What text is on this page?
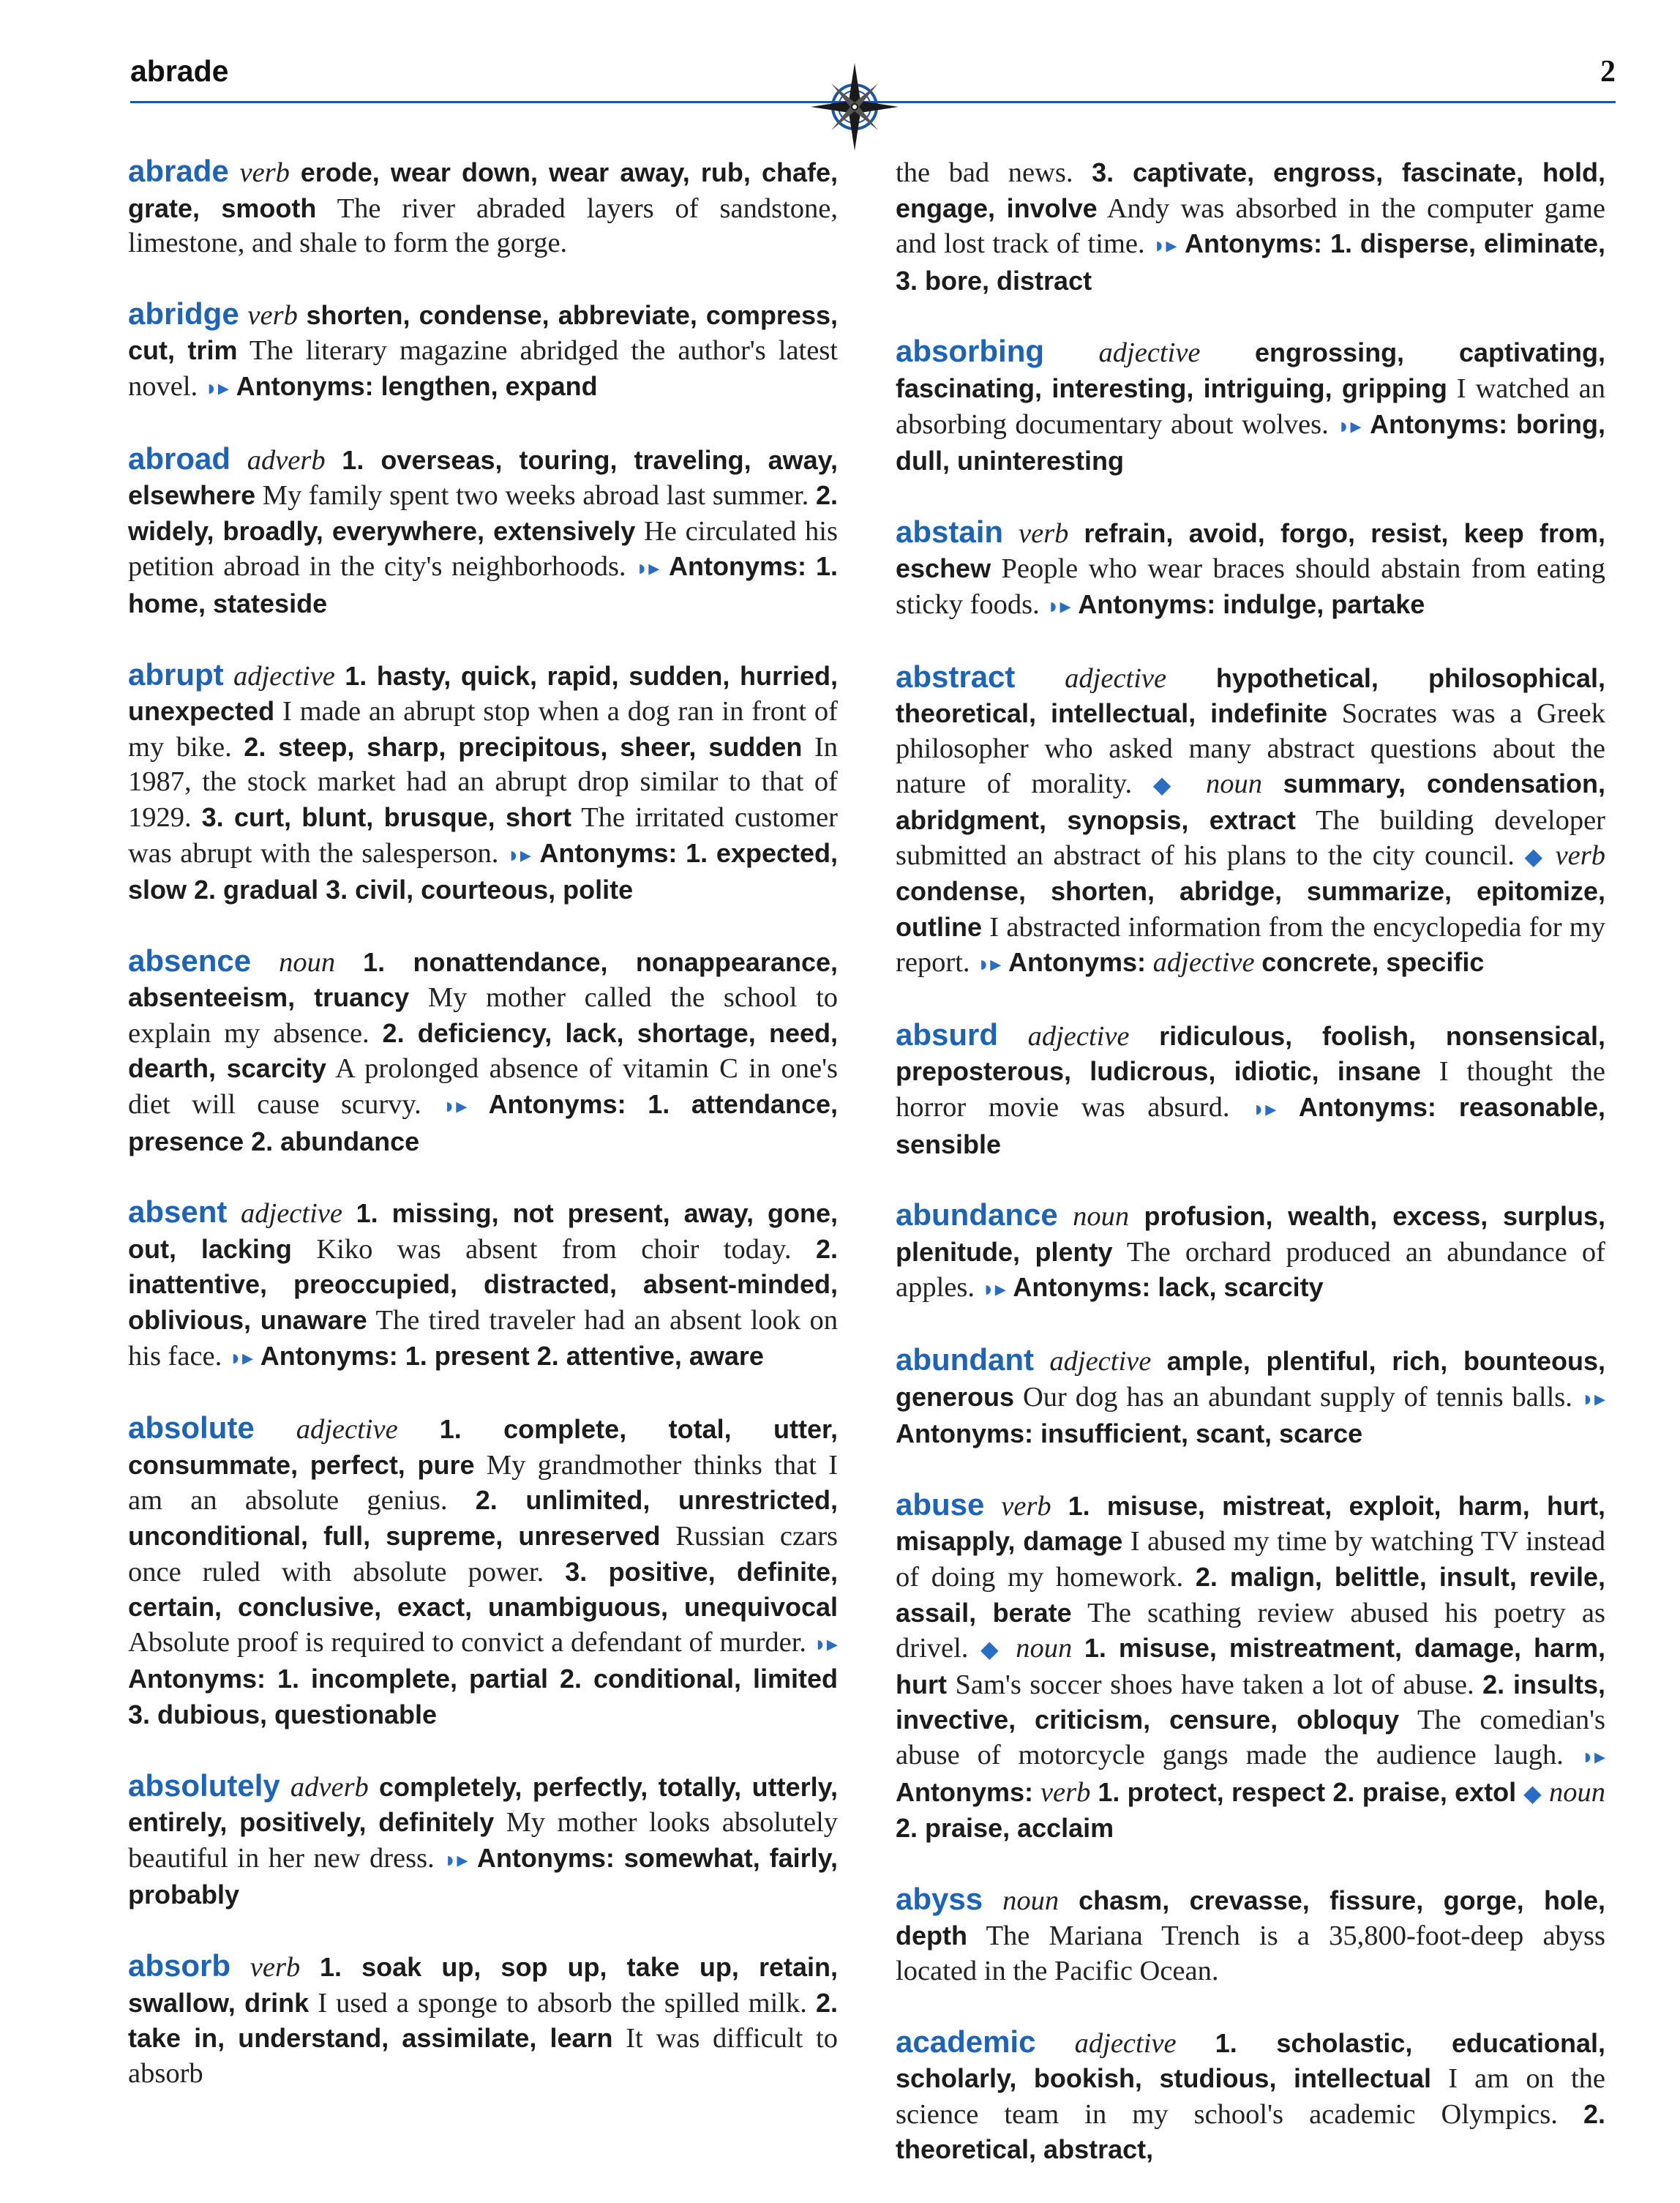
abrade	2

abrade verb erode, wear down, wear away, rub, chafe, grate, smooth The river abraded layers of sandstone, limestone, and shale to form the gorge.

abridge verb shorten, condense, abbreviate, compress, cut, trim The literary magazine abridged the author's latest novel. ◗▸ Antonyms: lengthen, expand

abroad adverb 1. overseas, touring, traveling, away, elsewhere My family spent two weeks abroad last summer. 2. widely, broadly, everywhere, extensively He circulated his petition abroad in the city's neighborhoods. ◗▸ Antonyms: 1. home, stateside

abrupt adjective 1. hasty, quick, rapid, sudden, hurried, unexpected I made an abrupt stop when a dog ran in front of my bike. 2. steep, sharp, precipitous, sheer, sudden In 1987, the stock market had an abrupt drop similar to that of 1929. 3. curt, blunt, brusque, short The irritated customer was abrupt with the salesperson. ◗▸ Antonyms: 1. expected, slow 2. gradual 3. civil, courteous, polite

absence noun 1. nonattendance, nonappearance, absenteeism, truancy My mother called the school to explain my absence. 2. deficiency, lack, shortage, need, dearth, scarcity A prolonged absence of vitamin C in one's diet will cause scurvy. ◗▸ Antonyms: 1. attendance, presence 2. abundance

absent adjective 1. missing, not present, away, gone, out, lacking Kiko was absent from choir today. 2. inattentive, preoccupied, distracted, absent-minded, oblivious, unaware The tired traveler had an absent look on his face. ◗▸ Antonyms: 1. present 2. attentive, aware

absolute adjective 1. complete, total, utter, consummate, perfect, pure My grandmother thinks that I am an absolute genius. 2. unlimited, unrestricted, unconditional, full, supreme, unreserved Russian czars once ruled with absolute power. 3. positive, definite, certain, conclusive, exact, unambiguous, unequivocal Absolute proof is required to convict a defendant of murder. ◗▸ Antonyms: 1. incomplete, partial 2. conditional, limited 3. dubious, questionable

absolutely adverb completely, perfectly, totally, utterly, entirely, positively, definitely My mother looks absolutely beautiful in her new dress. ◗▸ Antonyms: somewhat, fairly, probably

absorb verb 1. soak up, sop up, take up, retain, swallow, drink I used a sponge to absorb the spilled milk. 2. take in, understand, assimilate, learn It was difficult to absorb

the bad news. 3. captivate, engross, fascinate, hold, engage, involve Andy was absorbed in the computer game and lost track of time. ◗▸ Antonyms: 1. disperse, eliminate, 3. bore, distract

absorbing adjective engrossing, captivating, fascinating, interesting, intriguing, gripping I watched an absorbing documentary about wolves. ◗▸ Antonyms: boring, dull, uninteresting

abstain verb refrain, avoid, forgo, resist, keep from, eschew People who wear braces should abstain from eating sticky foods. ◗▸ Antonyms: indulge, partake

abstract adjective hypothetical, philosophical, theoretical, intellectual, indefinite Socrates was a Greek philosopher who asked many abstract questions about the nature of morality. ◆ noun summary, condensation, abridgment, synopsis, extract The building developer submitted an abstract of his plans to the city council. ◆ verb condense, shorten, abridge, summarize, epitomize, outline I abstracted information from the encyclopedia for my report. ◗▸ Antonyms: adjective concrete, specific

absurd adjective ridiculous, foolish, nonsensical, preposterous, ludicrous, idiotic, insane I thought the horror movie was absurd. ◗▸ Antonyms: reasonable, sensible

abundance noun profusion, wealth, excess, surplus, plenitude, plenty The orchard produced an abundance of apples. ◗▸ Antonyms: lack, scarcity

abundant adjective ample, plentiful, rich, bounteous, generous Our dog has an abundant supply of tennis balls. ◗▸ Antonyms: insufficient, scant, scarce

abuse verb 1. misuse, mistreat, exploit, harm, hurt, misapply, damage I abused my time by watching TV instead of doing my homework. 2. malign, belittle, insult, revile, assail, berate The scathing review abused his poetry as drivel. ◆ noun 1. misuse, mistreatment, damage, harm, hurt Sam's soccer shoes have taken a lot of abuse. 2. insults, invective, criticism, censure, obloquy The comedian's abuse of motorcycle gangs made the audience laugh. ◗▸ Antonyms: verb 1. protect, respect 2. praise, extol ◆ noun 2. praise, acclaim

abyss noun chasm, crevasse, fissure, gorge, hole, depth The Mariana Trench is a 35,800-foot-deep abyss located in the Pacific Ocean.

academic adjective 1. scholastic, educational, scholarly, bookish, studious, intellectual I am on the science team in my school's academic Olympics. 2. theoretical, abstract,
